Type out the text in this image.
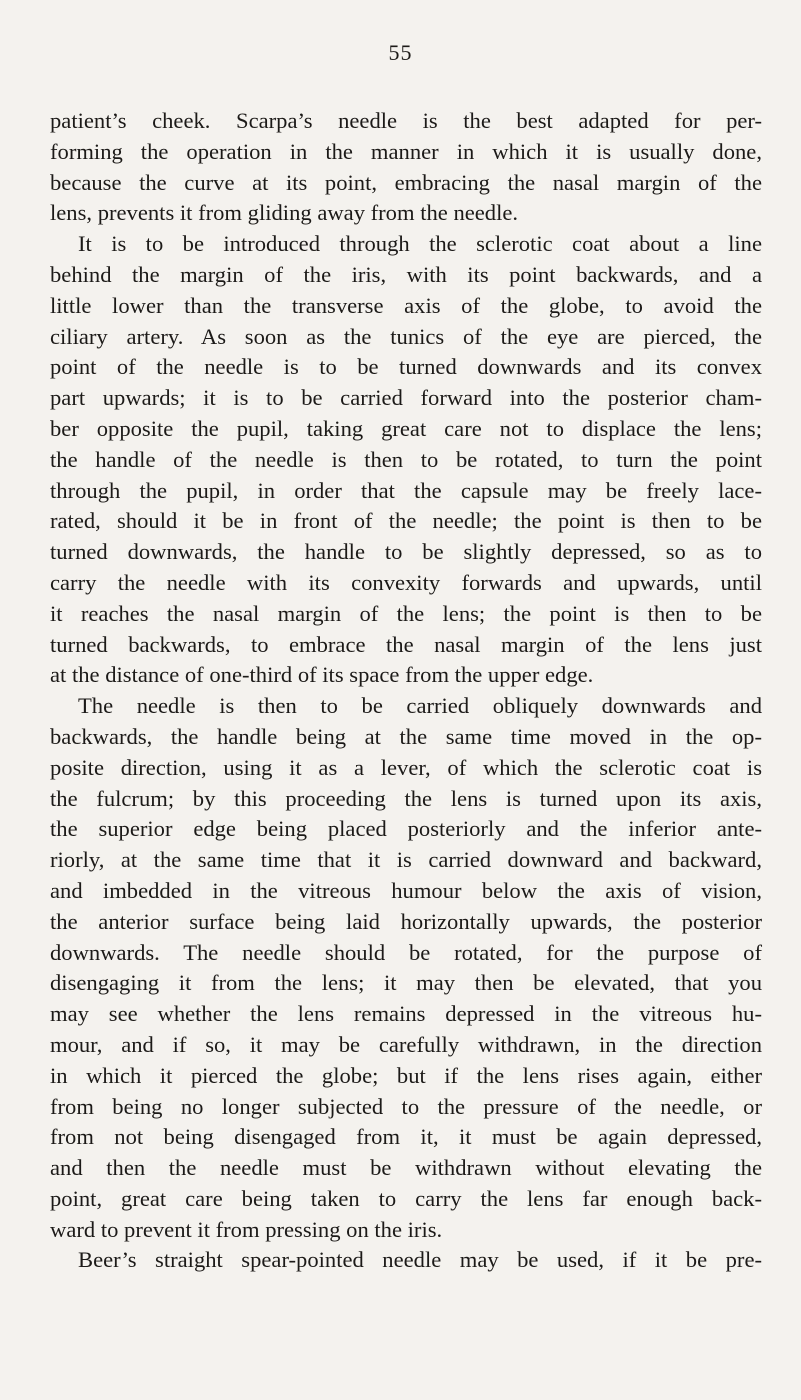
55
patient’s cheek. Scarpa’s needle is the best adapted for per-
forming the operation in the manner in which it is usually done,
because the curve at its point, embracing the nasal margin of the
lens, prevents it from gliding away from the needle.
It is to be introduced through the sclerotic coat about a line
behind the margin of the iris, with its point backwards, and a
little lower than the transverse axis of the globe, to avoid the
ciliary artery. As soon as the tunics of the eye are pierced, the
point of the needle is to be turned downwards and its convex
part upwards; it is to be carried forward into the posterior cham-
ber opposite the pupil, taking great care not to displace the lens;
the handle of the needle is then to be rotated, to turn the point
through the pupil, in order that the capsule may be freely lace-
rated, should it be in front of the needle; the point is then to be
turned downwards, the handle to be slightly depressed, so as to
carry the needle with its convexity forwards and upwards, until
it reaches the nasal margin of the lens; the point is then to be
turned backwards, to embrace the nasal margin of the lens just
at the distance of one-third of its space from the upper edge.
The needle is then to be carried obliquely downwards and
backwards, the handle being at the same time moved in the op-
posite direction, using it as a lever, of which the sclerotic coat is
the fulcrum; by this proceeding the lens is turned upon its axis,
the superior edge being placed posteriorly and the inferior ante-
riorly, at the same time that it is carried downward and backward,
and imbedded in the vitreous humour below the axis of vision,
the anterior surface being laid horizontally upwards, the posterior
downwards. The needle should be rotated, for the purpose of
disengaging it from the lens; it may then be elevated, that you
may see whether the lens remains depressed in the vitreous hu-
mour, and if so, it may be carefully withdrawn, in the direction
in which it pierced the globe; but if the lens rises again, either
from being no longer subjected to the pressure of the needle, or
from not being disengaged from it, it must be again depressed,
and then the needle must be withdrawn without elevating the
point, great care being taken to carry the lens far enough back-
ward to prevent it from pressing on the iris.
Beer’s straight spear-pointed needle may be used, if it be pre-
